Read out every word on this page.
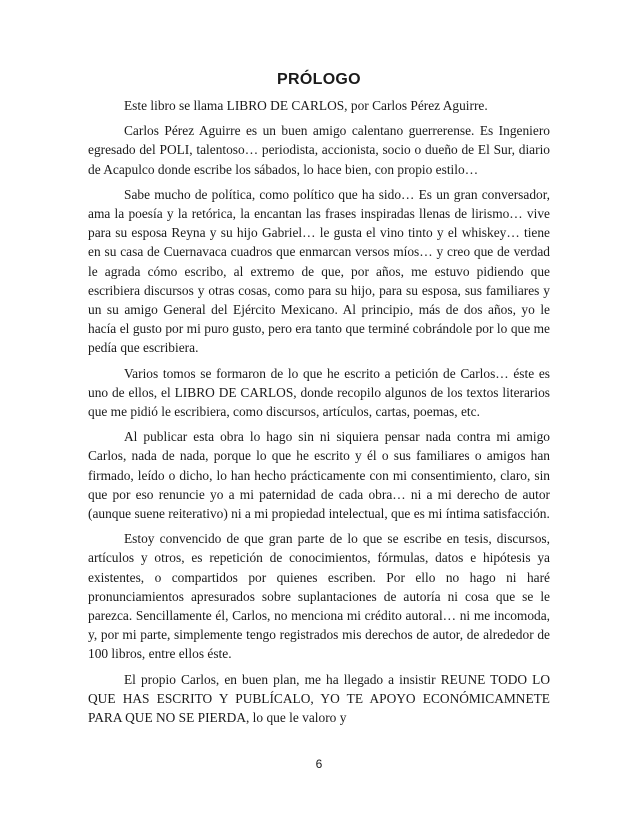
PRÓLOGO

Este libro se llama LIBRO DE CARLOS, por Carlos Pérez Aguirre.

Carlos Pérez Aguirre es un buen amigo calentano guerrerense. Es Ingeniero egresado del POLI, talentoso… periodista, accionista, socio o dueño de El Sur, diario de Acapulco donde escribe los sábados, lo hace bien, con propio estilo…

Sabe mucho de política, como político que ha sido… Es un gran conversador, ama la poesía y la retórica, la encantan las frases inspiradas llenas de lirismo… vive para su esposa Reyna y su hijo Gabriel… le gusta el vino tinto y el whiskey… tiene en su casa de Cuernavaca cuadros que enmarcan versos míos… y creo que de verdad le agrada cómo escribo, al extremo de que, por años, me estuvo pidiendo que escribiera discursos y otras cosas, como para su hijo, para su esposa, sus familiares y un su amigo General del Ejército Mexicano. Al principio, más de dos años, yo le hacía el gusto por mi puro gusto, pero era tanto que terminé cobrándole por lo que me pedía que escribiera.

Varios tomos se formaron de lo que he escrito a petición de Carlos… éste es uno de ellos, el LIBRO DE CARLOS, donde recopilo algunos de los textos literarios que me pidió le escribiera, como discursos, artículos, cartas, poemas, etc.

Al publicar esta obra lo hago sin ni siquiera pensar nada contra mi amigo Carlos, nada de nada, porque lo que he escrito y él o sus familiares o amigos han firmado, leído o dicho, lo han hecho prácticamente con mi consentimiento, claro, sin que por eso renuncie yo a mi paternidad de cada obra… ni a mi derecho de autor (aunque suene reiterativo) ni a mi propiedad intelectual, que es mi íntima satisfacción.

Estoy convencido de que gran parte de lo que se escribe en tesis, discursos, artículos y otros, es repetición de conocimientos, fórmulas, datos e hipótesis ya existentes, o compartidos por quienes escriben. Por ello no hago ni haré pronunciamientos apresurados sobre suplantaciones de autoría ni cosa que se le parezca. Sencillamente él, Carlos, no menciona mi crédito autoral… ni me incomoda, y, por mi parte, simplemente tengo registrados mis derechos de autor, de alrededor de 100 libros, entre ellos éste.

El propio Carlos, en buen plan, me ha llegado a insistir REUNE TODO LO QUE HAS ESCRITO Y PUBLÍCALO, YO TE APOYO ECONÓMICAMNETE PARA QUE NO SE PIERDA, lo que le valoro y

6
